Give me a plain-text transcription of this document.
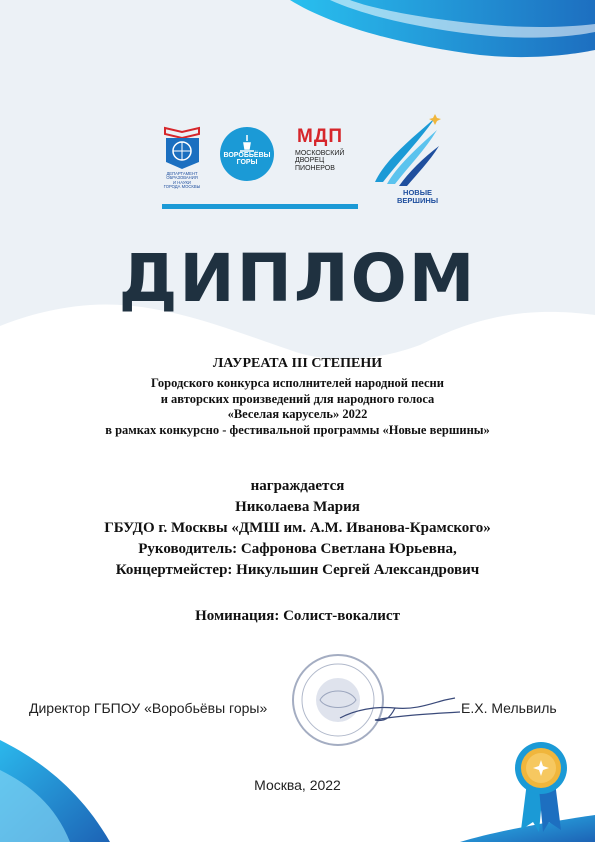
ДЕПАРТАМЕНТ
ОБРАЗОВАНИЯ
И НАУКИ
ГОРОДА МОСКВЫ
ВОРОБЬЁВЫ
ГОРЫ
МДП
МОСКОВСКИЙ
ДВОРЕЦ
ПИОНЕРОВ
НОВЫЕ
ВЕРШИНЫ
ДИПЛОМ
ЛАУРЕАТА III СТЕПЕНИ
Городского конкурса исполнителей народной песни
и авторских произведений для народного голоса
«Веселая карусель» 2022
в рамках конкурсно - фестивальной программы «Новые вершины»
награждается
Николаева Мария
ГБУДО г. Москвы «ДМШ им. А.М. Иванова-Крамского»
Руководитель: Сафронова Светлана Юрьевна,
Концертмейстер: Никульшин Сергей Александрович
Номинация: Солист-вокалист
Директор ГБПОУ «Воробьёвы горы»	Е.Х. Мельвиль
Москва, 2022
